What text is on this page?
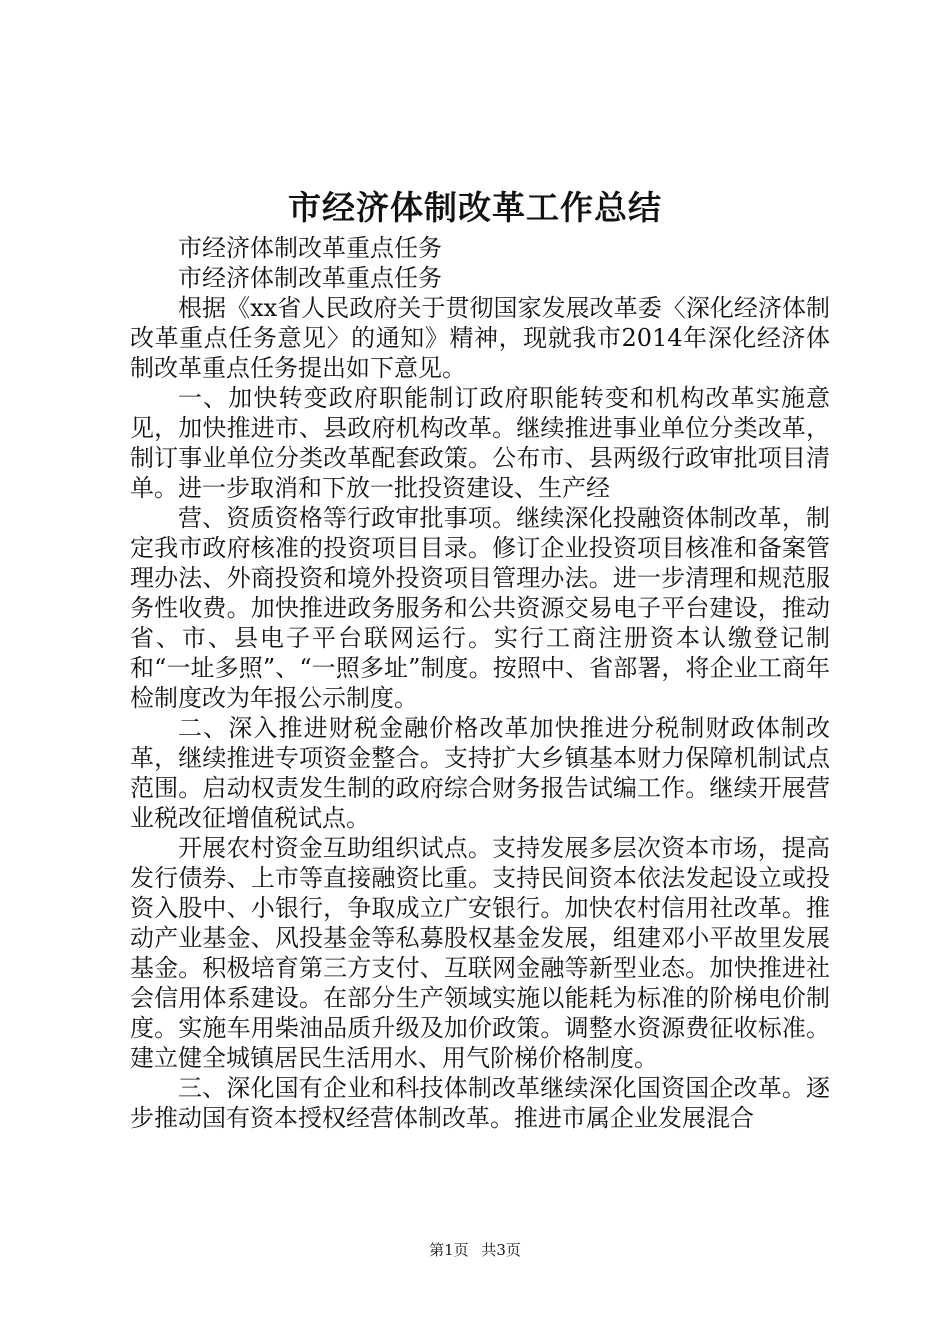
市经济体制改革工作总结

市经济体制改革重点任务

市经济体制改革重点任务

根据《xx省人民政府关于贯彻国家发展改革委〈深化经济体制改革重点任务意见〉的通知》精神，现就我市2014年深化经济体制改革重点任务提出如下意见。

一、加快转变政府职能制订政府职能转变和机构改革实施意见，加快推进市、县政府机构改革。继续推进事业单位分类改革，制订事业单位分类改革配套政策。公布市、县两级行政审批项目清单。进一步取消和下放一批投资建设、生产经

营、资质资格等行政审批事项。继续深化投融资体制改革，制定我市政府核准的投资项目目录。修订企业投资项目核准和备案管理办法、外商投资和境外投资项目管理办法。进一步清理和规范服务性收费。加快推进政务服务和公共资源交易电子平台建设，推动省、市、县电子平台联网运行。实行工商注册资本认缴登记制和“一址多照”、“一照多址”制度。按照中、省部署，将企业工商年检制度改为年报公示制度。

二、深入推进财税金融价格改革加快推进分税制财政体制改革，继续推进专项资金整合。支持扩大乡镇基本财力保障机制试点范围。启动权责发生制的政府综合财务报告试编工作。继续开展营业税改征增值税试点。

开展农村资金互助组织试点。支持发展多层次资本市场，提高发行债券、上市等直接融资比重。支持民间资本依法发起设立或投资入股中、小银行，争取成立广安银行。加快农村信用社改革。推动产业基金、风投基金等私募股权基金发展，组建邓小平故里发展基金。积极培育第三方支付、互联网金融等新型业态。加快推进社会信用体系建设。在部分生产领域实施以能耗为标准的阶梯电价制度。实施车用柴油品质升级及加价政策。调整水资源费征收标准。建立健全城镇居民生活用水、用气阶梯价格制度。

三、深化国有企业和科技体制改革继续深化国资国企改革。逐步推动国有资本授权经营体制改革。推进市属企业发展混合

第1页 共3页
